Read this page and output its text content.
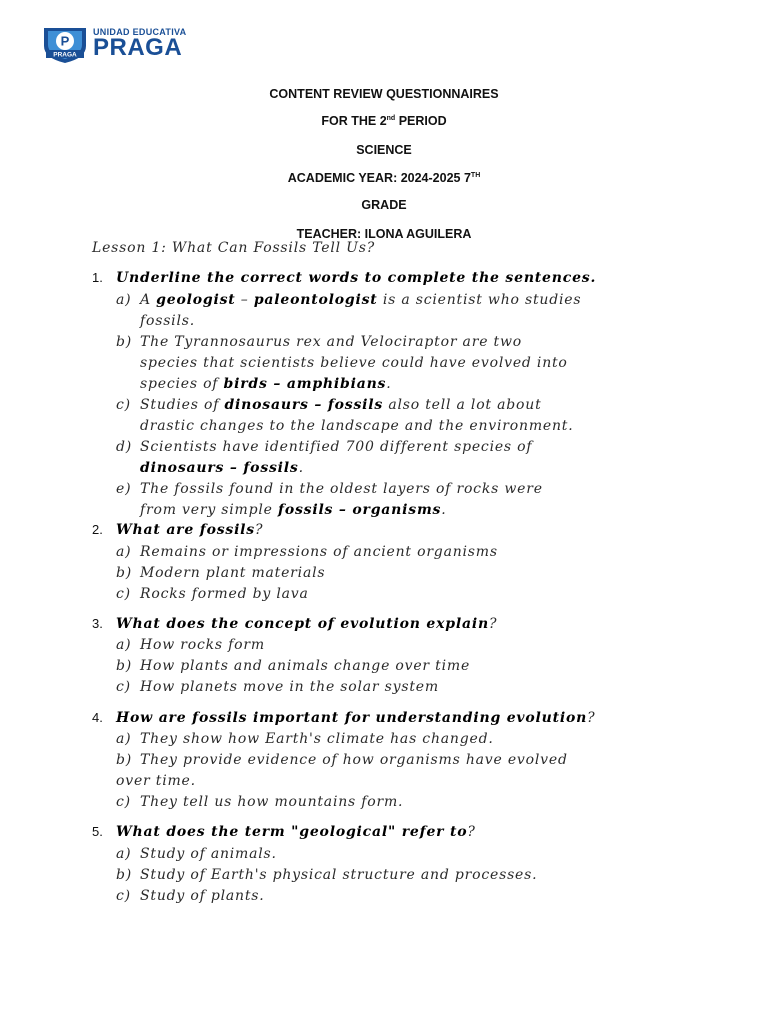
P
PRAGA
UNIDAD EDUCATIVA
PRAGA
CONTENT REVIEW QUESTIONNAIRES
FOR THE 2nd PERIOD
SCIENCE
ACADEMIC YEAR: 2024-2025 7TH
GRADE
TEACHER: ILONA AGUILERA
Lesson 1: What Can Fossils Tell Us?
1. Underline the correct words to complete the sentences.
a) A geologist – paleontologist is a scientist who studies
fossils.
b) The Tyrannosaurus rex and Velociraptor are two
species that scientists believe could have evolved into
species of birds – amphibians.
c) Studies of dinosaurs – fossils also tell a lot about
drastic changes to the landscape and the environment.
d) Scientists have identified 700 different species of
dinosaurs – fossils.
e) The fossils found in the oldest layers of rocks were
from very simple fossils – organisms.
2. What are fossils?
a) Remains or impressions of ancient organisms
b) Modern plant materials
c) Rocks formed by lava
3. What does the concept of evolution explain?
a) How rocks form
b) How plants and animals change over time
c) How planets move in the solar system
4. How are fossils important for understanding evolution?
a) They show how Earth's climate has changed.
b) They provide evidence of how organisms have evolved
over time.
c) They tell us how mountains form.
5. What does the term "geological" refer to?
a) Study of animals.
b) Study of Earth's physical structure and processes.
c) Study of plants.
